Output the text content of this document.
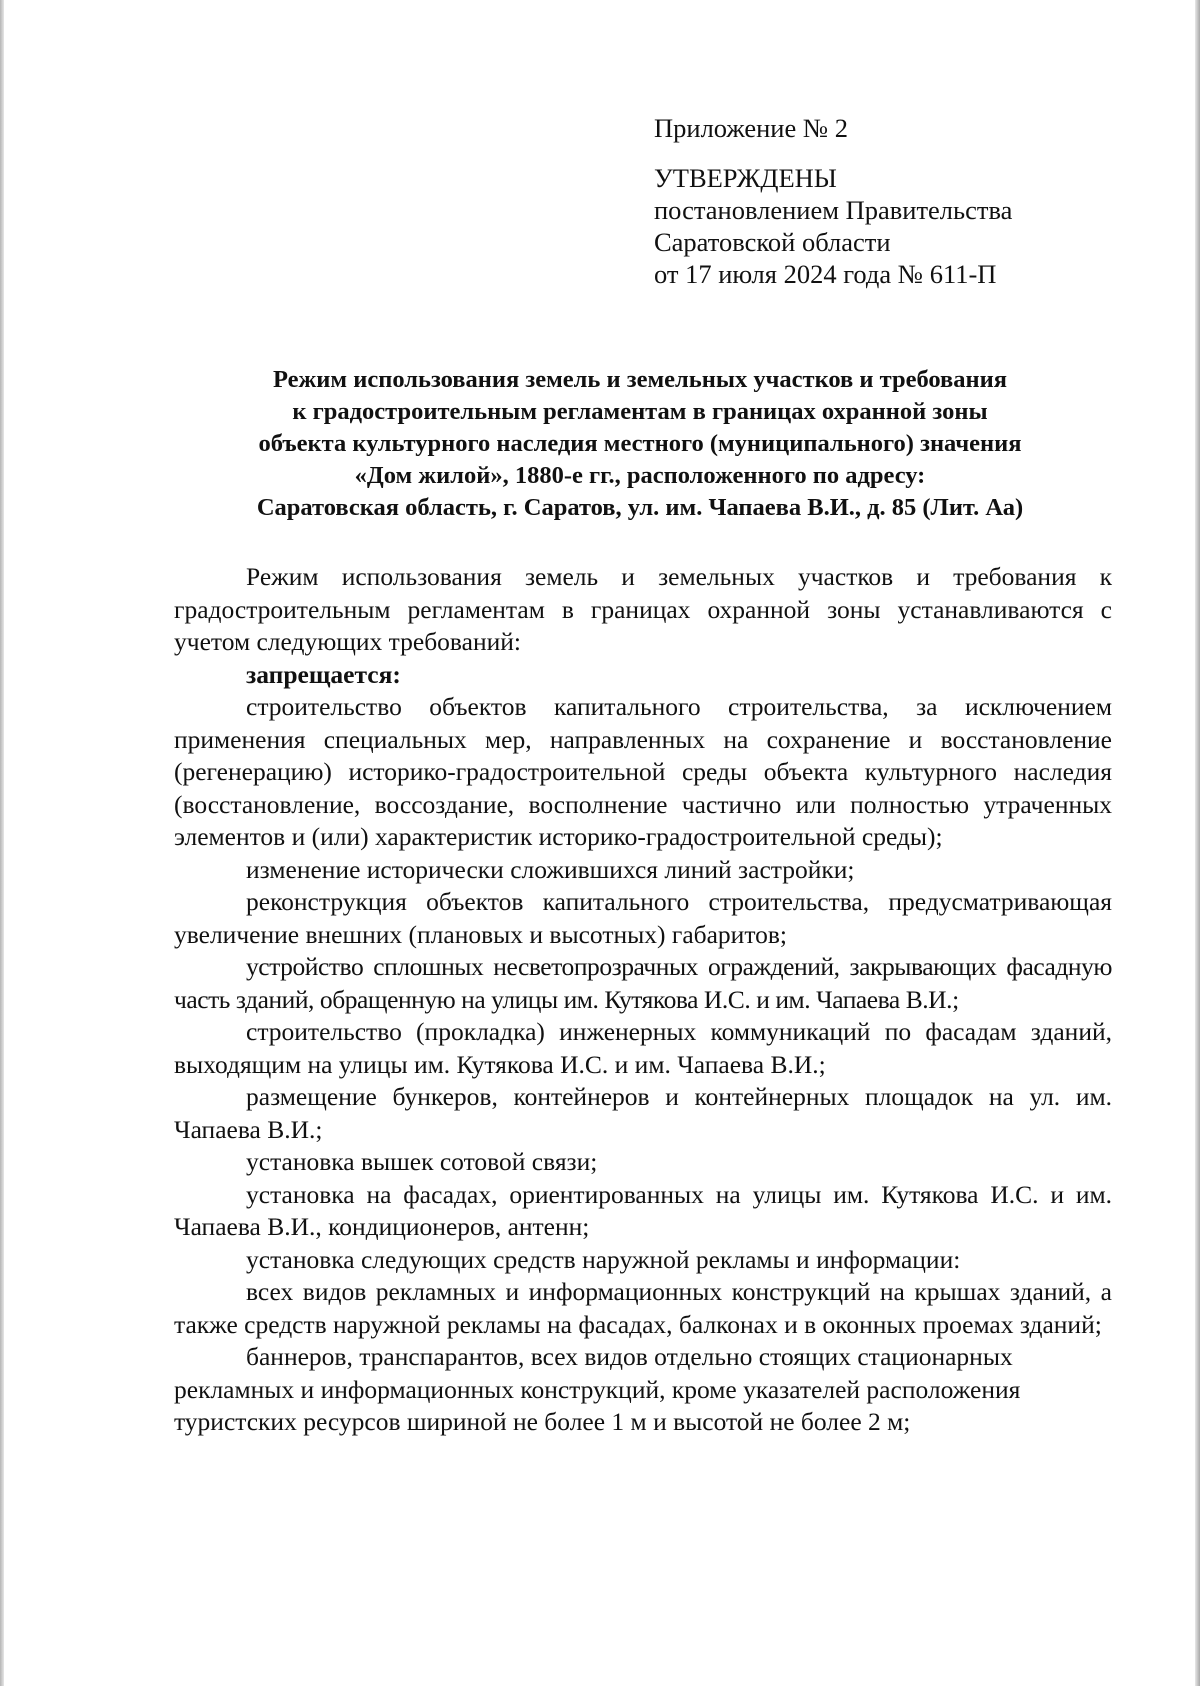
Приложение № 2
УТВЕРЖДЕНЫ
постановлением Правительства
Саратовской области
от 17 июля 2024 года № 611-П
Режим использования земель и земельных участков и требования
к градостроительным регламентам в границах охранной зоны
объекта культурного наследия местного (муниципального) значения
«Дом жилой», 1880-е гг., расположенного по адресу:
Саратовская область, г. Саратов, ул. им. Чапаева В.И., д. 85 (Лит. Аа)

Режим использования земель и земельных участков и требования к градостроительным регламентам в границах охранной зоны устанавливаются с учетом следующих требований:

запрещается:

строительство объектов капитального строительства, за исключением применения специальных мер, направленных на сохранение и восстановление (регенерацию) историко-градостроительной среды объекта культурного наследия (восстановление, воссоздание, восполнение частично или полностью утраченных элементов и (или) характеристик историко-градостроительной среды);

изменение исторически сложившихся линий застройки;

реконструкция объектов капитального строительства, предусматривающая увеличение внешних (плановых и высотных) габаритов;

устройство сплошных несветопрозрачных ограждений, закрывающих фасадную часть зданий, обращенную на улицы им. Кутякова И.С. и им. Чапаева В.И.;

строительство (прокладка) инженерных коммуникаций по фасадам зданий, выходящим на улицы им. Кутякова И.С. и им. Чапаева В.И.;

размещение бункеров, контейнеров и контейнерных площадок на ул. им. Чапаева В.И.;

установка вышек сотовой связи;

установка на фасадах, ориентированных на улицы им. Кутякова И.С. и им. Чапаева В.И., кондиционеров, антенн;

установка следующих средств наружной рекламы и информации:

всех видов рекламных и информационных конструкций на крышах зданий, а также средств наружной рекламы на фасадах, балконах и в оконных проемах зданий;

баннеров, транспарантов, всех видов отдельно стоящих стационарных рекламных и информационных конструкций, кроме указателей расположения туристских ресурсов шириной не более 1 м и высотой не более 2 м;
